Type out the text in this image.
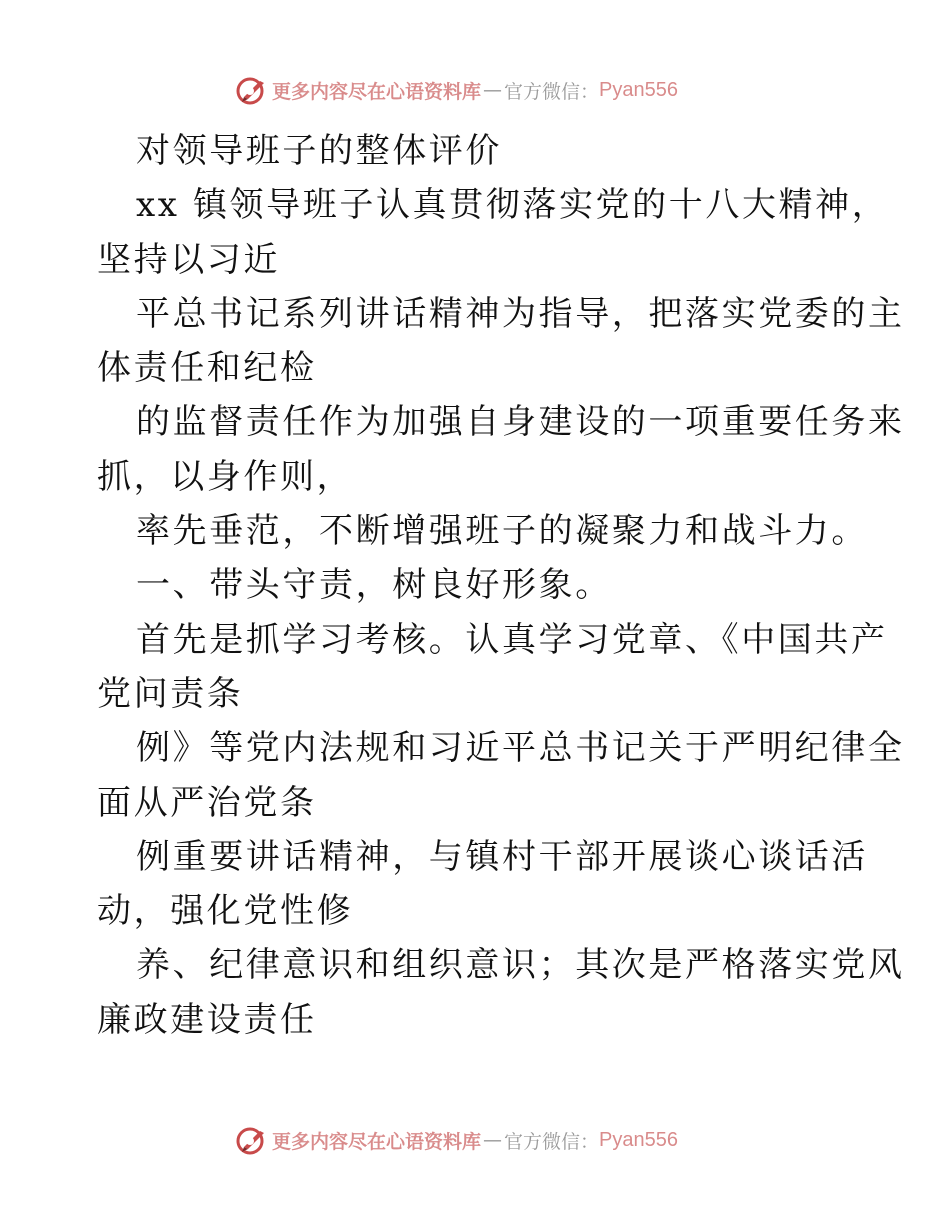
更多内容尽在心语资料库 — 官方微信： Pyan556
对领导班子的整体评价
xx 镇领导班子认真贯彻落实党的十八大精神，
坚持以习近
平总书记系列讲话精神为指导，把落实党委的主
体责任和纪检
的监督责任作为加强自身建设的一项重要任务来
抓，以身作则，
率先垂范，不断增强班子的凝聚力和战斗力。
一、带头守责，树良好形象。
首先是抓学习考核。认真学习党章、《中国共产
党问责条
例》等党内法规和习近平总书记关于严明纪律全
面从严治党条
例重要讲话精神，与镇村干部开展谈心谈话活
动，强化党性修
养、纪律意识和组织意识；其次是严格落实党风
廉政建设责任
更多内容尽在心语资料库 — 官方微信： Pyan556
